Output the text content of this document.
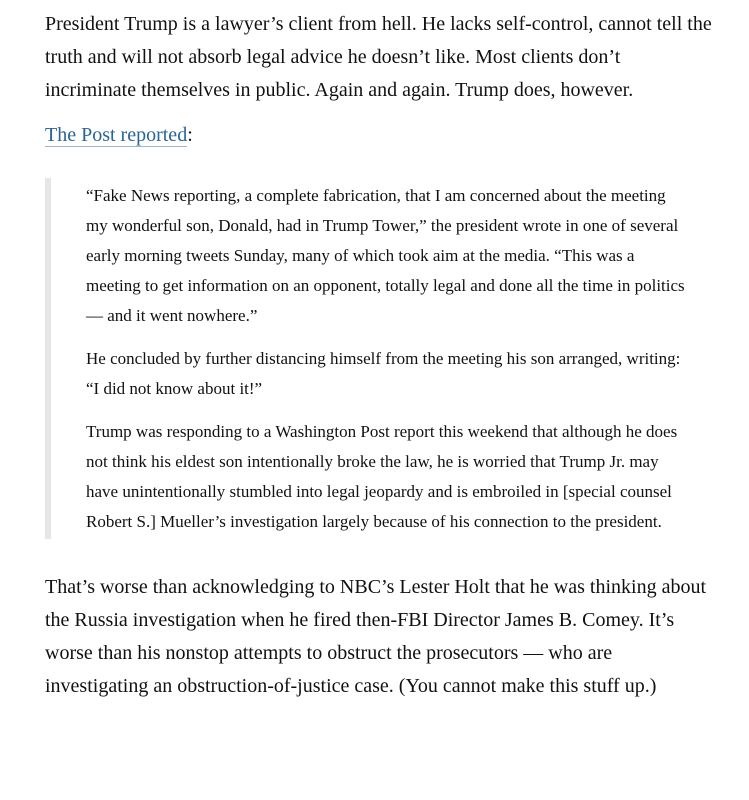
President Trump is a lawyer’s client from hell. He lacks self-control, cannot tell the truth and will not absorb legal advice he doesn’t like. Most clients don’t incriminate themselves in public. Again and again. Trump does, however.

The Post reported:

“Fake News reporting, a complete fabrication, that I am concerned about the meeting my wonderful son, Donald, had in Trump Tower,” the president wrote in one of several early morning tweets Sunday, many of which took aim at the media. “This was a meeting to get information on an opponent, totally legal and done all the time in politics — and it went nowhere.”

He concluded by further distancing himself from the meeting his son arranged, writing: “I did not know about it!”

Trump was responding to a Washington Post report this weekend that although he does not think his eldest son intentionally broke the law, he is worried that Trump Jr. may have unintentionally stumbled into legal jeopardy and is embroiled in [special counsel Robert S.] Mueller’s investigation largely because of his connection to the president.

That’s worse than acknowledging to NBC’s Lester Holt that he was thinking about the Russia investigation when he fired then-FBI Director James B. Comey. It’s worse than his nonstop attempts to obstruct the prosecutors — who are investigating an obstruction-of-justice case. (You cannot make this stuff up.)
